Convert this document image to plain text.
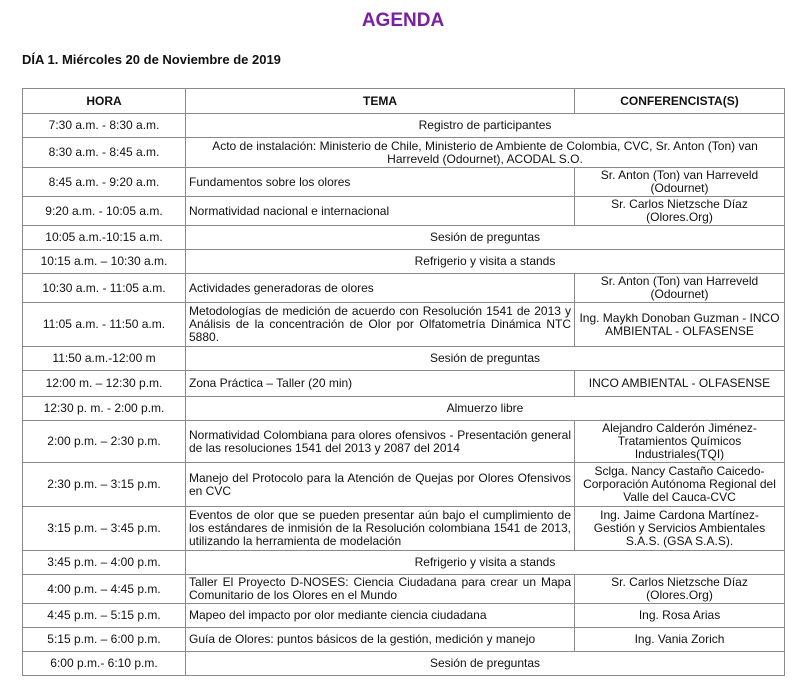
AGENDA
DÍA 1. Miércoles 20 de Noviembre de 2019
HORA	TEMA	CONFERENCISTA(S)
7:30 a.m. - 8:30 a.m.	Registro de participantes	
8:30 a.m. - 8:45 a.m.	Acto de instalación: Ministerio de Chile, Ministerio de Ambiente de Colombia, CVC, Sr. Anton (Ton) van Harreveld (Odournet), ACODAL S.O.	
8:45 a.m. - 9:20 a.m.	Fundamentos sobre los olores	Sr. Anton (Ton) van Harreveld (Odournet)
9:20 a.m. - 10:05 a.m.	Normatividad nacional e internacional	Sr. Carlos Nietzsche Díaz (Olores.Org)
10:05 a.m.-10:15 a.m.	Sesión de preguntas	
10:15 a.m. – 10:30 a.m.	Refrigerio y visita a stands	
10:30 a.m. - 11:05 a.m.	Actividades generadoras de olores	Sr. Anton (Ton) van Harreveld (Odournet)
11:05 a.m. - 11:50 a.m.	Metodologías de medición de acuerdo con Resolución 1541 de 2013 y Análisis de la concentración de Olor por Olfatometría Dinámica NTC 5880.	Ing. Maykh Donoban Guzman - INCO AMBIENTAL - OLFASENSE
11:50 a.m.-12:00 m	Sesión de preguntas	
12:00 m. – 12:30 p.m.	Zona Práctica – Taller (20 min)	INCO AMBIENTAL - OLFASENSE
12:30 p. m. - 2:00 p.m.	Almuerzo libre	
2:00 p.m. – 2:30 p.m.	Normatividad Colombiana para olores ofensivos - Presentación general de las resoluciones 1541 del 2013 y 2087 del 2014	Alejandro Calderón Jiménez- Tratamientos Químicos Industriales(TQI)
2:30 p.m. – 3:15 p.m.	Manejo del Protocolo para la Atención de Quejas por Olores Ofensivos en CVC	Sclga. Nancy Castaño Caicedo- Corporación Autónoma Regional del Valle del Cauca-CVC
3:15 p.m. – 3:45 p.m.	Eventos de olor que se pueden presentar aún bajo el cumplimiento de los estándares de inmisión de la Resolución colombiana 1541 de 2013, utilizando la herramienta de modelación	Ing. Jaime Cardona Martínez- Gestión y Servicios Ambientales S.A.S. (GSA S.A.S).
3:45 p.m. – 4:00 p.m.	Refrigerio y visita a stands	
4:00 p.m. – 4:45 p.m.	Taller El Proyecto D-NOSES: Ciencia Ciudadana para crear un Mapa Comunitario de los Olores en el Mundo	Sr. Carlos Nietzsche Díaz (Olores.Org)
4:45 p.m. – 5:15 p.m.	Mapeo del impacto por olor mediante ciencia ciudadana	Ing. Rosa Arias
5:15 p.m. – 6:00 p.m.	Guía de Olores: puntos básicos de la gestión, medición y manejo	Ing. Vania Zorich
6:00 p.m.- 6:10 p.m.	Sesión de preguntas	
